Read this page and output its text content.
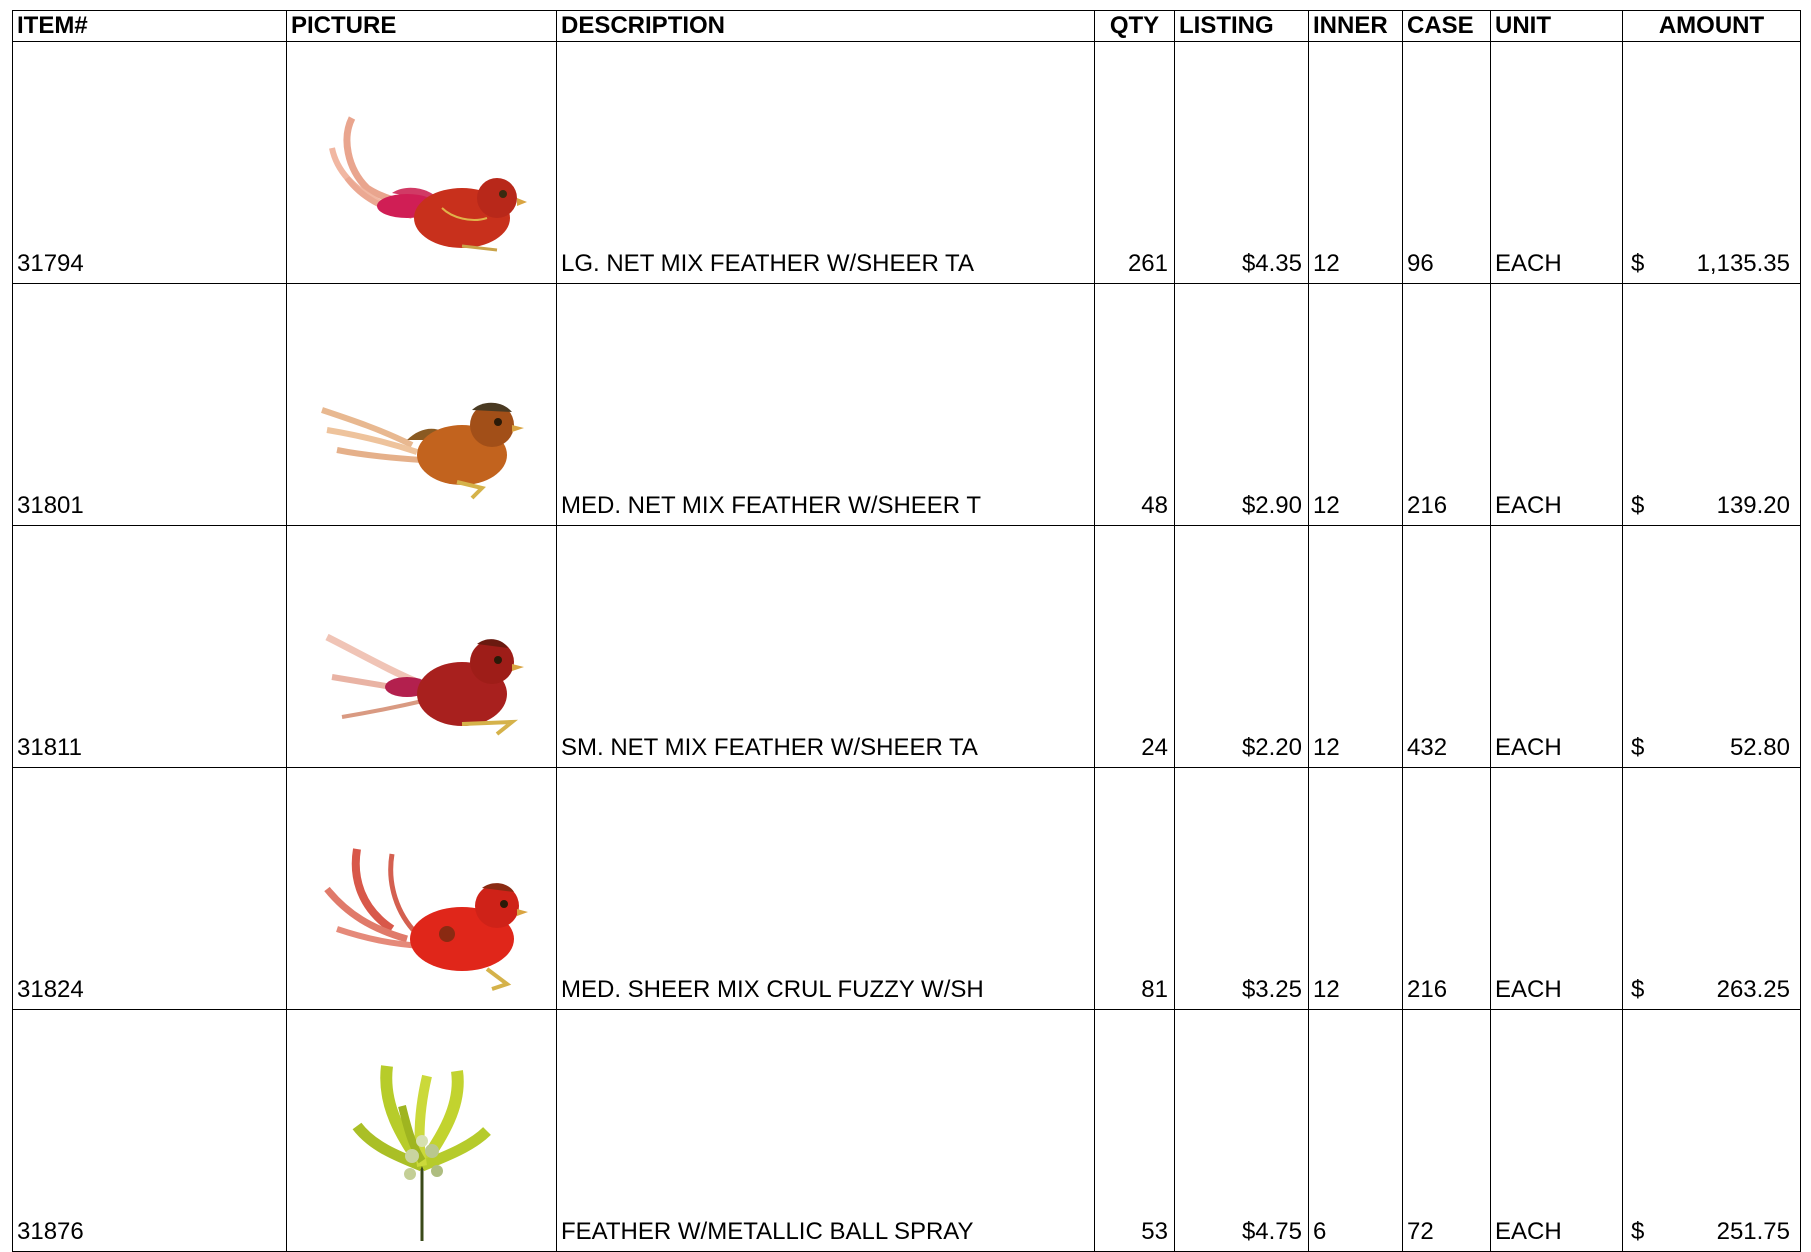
ITEM#	PICTURE	DESCRIPTION	QTY	LISTING	INNER	CASE	UNIT	AMOUNT
31794		LG. NET MIX FEATHER W/SHEER TA	261	$4.35	12	96	EACH	$ 1,135.35

31801		MED. NET MIX FEATHER W/SHEER T	48	$2.90	12	216	EACH	$ 139.20

31811		SM. NET MIX FEATHER W/SHEER TA	24	$2.20	12	432	EACH	$ 52.80

31824		MED. SHEER MIX CRUL FUZZY W/SH	81	$3.25	12	216	EACH	$ 263.25

31876		FEATHER W/METALLIC BALL SPRAY	53	$4.75	6	72	EACH	$ 251.75
